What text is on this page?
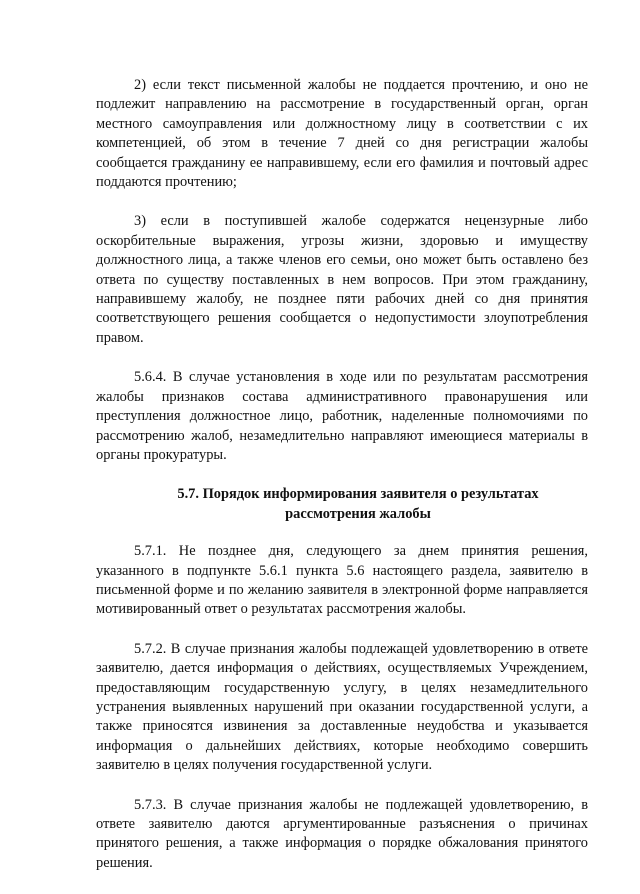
2) если текст письменной жалобы не поддается прочтению, и оно не подлежит направлению на рассмотрение в государственный орган, орган местного самоуправления или должностному лицу в соответствии с их компетенцией, об этом в течение 7 дней со дня регистрации жалобы сообщается гражданину ее направившему, если его фамилия и почтовый адрес поддаются прочтению;

3) если в поступившей жалобе содержатся нецензурные либо оскорбительные выражения, угрозы жизни, здоровью и имуществу должностного лица, а также членов его семьи, оно может быть оставлено без ответа по существу поставленных в нем вопросов. При этом гражданину, направившему жалобу, не позднее пяти рабочих дней со дня принятия соответствующего решения сообщается о недопустимости злоупотребления правом.

5.6.4. В случае установления в ходе или по результатам рассмотрения жалобы признаков состава административного правонарушения или преступления должностное лицо, работник, наделенные полномочиями по рассмотрению жалоб, незамедлительно направляют имеющиеся материалы в органы прокуратуры.

5.7. Порядок информирования заявителя о результатах рассмотрения жалобы

5.7.1. Не позднее дня, следующего за днем принятия решения, указанного в подпункте 5.6.1 пункта 5.6 настоящего раздела, заявителю в письменной форме и по желанию заявителя в электронной форме направляется мотивированный ответ о результатах рассмотрения жалобы.

5.7.2. В случае признания жалобы подлежащей удовлетворению в ответе заявителю, дается информация о действиях, осуществляемых Учреждением, предоставляющим государственную услугу, в целях незамедлительного устранения выявленных нарушений при оказании государственной услуги, а также приносятся извинения за доставленные неудобства и указывается информация о дальнейших действиях, которые необходимо совершить заявителю в целях получения государственной услуги.

5.7.3. В случае признания жалобы не подлежащей удовлетворению, в ответе заявителю даются аргументированные разъяснения о причинах принятого решения, а также информация о порядке обжалования принятого решения.
